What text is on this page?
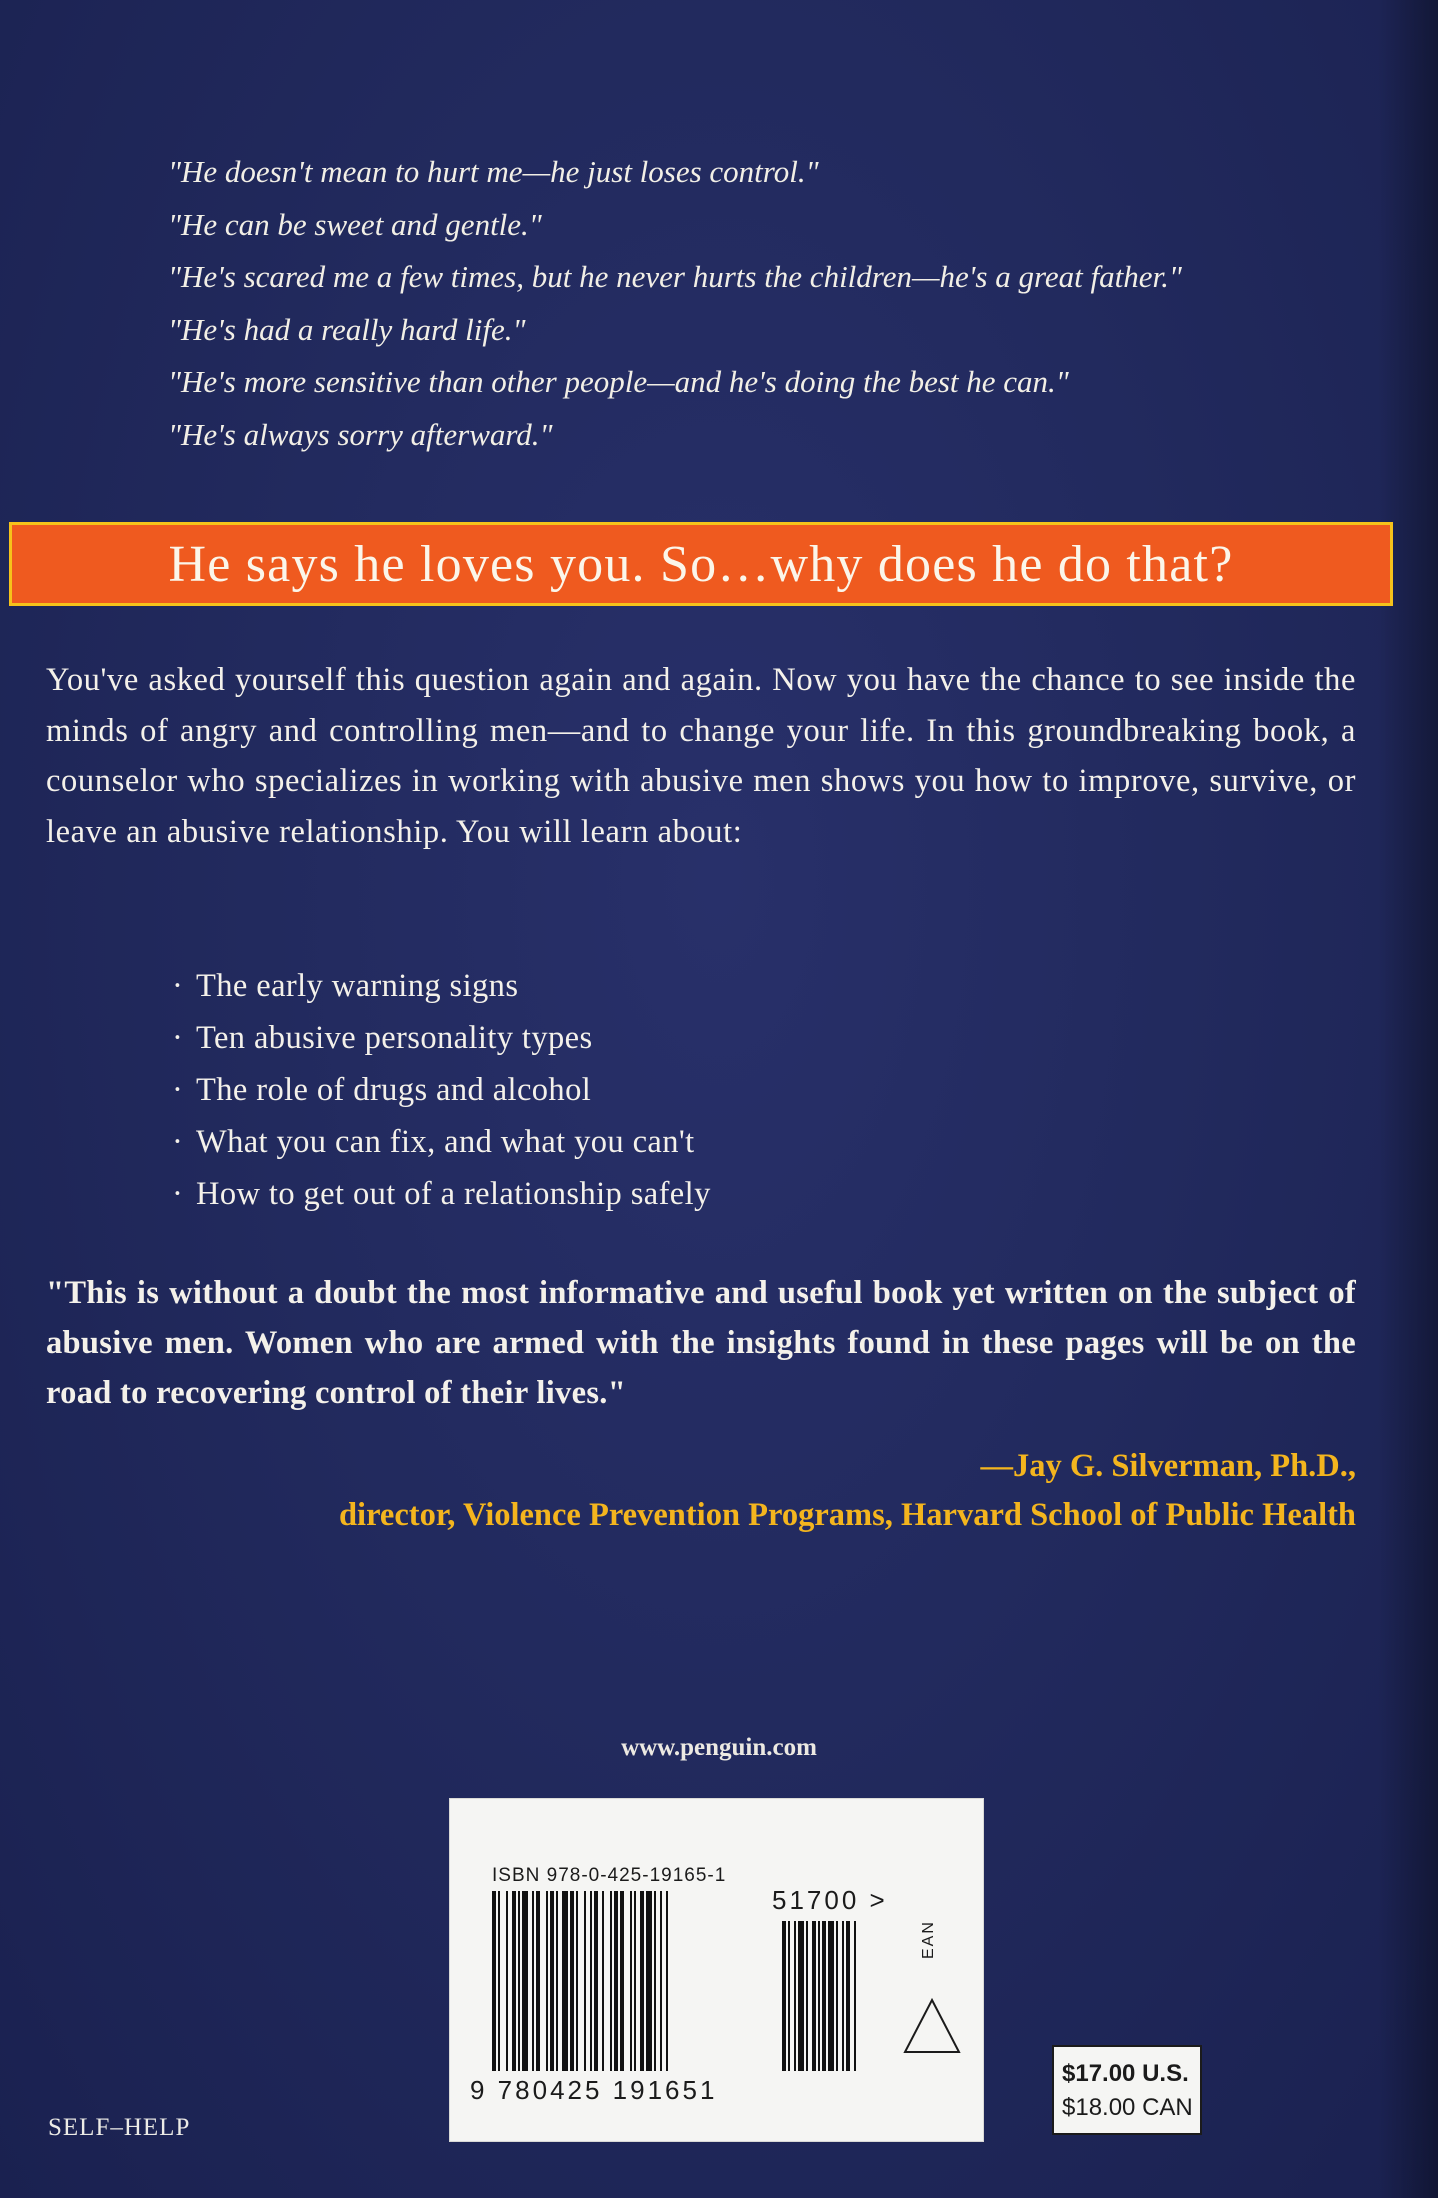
"He doesn't mean to hurt me—he just loses control."
"He can be sweet and gentle."
"He's scared me a few times, but he never hurts the children—he's a great father."
"He's had a really hard life."
"He's more sensitive than other people—and he's doing the best he can."
"He's always sorry afterward."
He says he loves you. So…why does he do that?
You've asked yourself this question again and again. Now you have the chance to see inside the minds of angry and controlling men—and to change your life. In this groundbreaking book, a counselor who specializes in working with abusive men shows you how to improve, survive, or leave an abusive relationship. You will learn about:
· The early warning signs
· Ten abusive personality types
· The role of drugs and alcohol
· What you can fix, and what you can't
· How to get out of a relationship safely
"This is without a doubt the most informative and useful book yet written on the subject of abusive men. Women who are armed with the insights found in these pages will be on the road to recovering control of their lives."
—Jay G. Silverman, Ph.D.,
director, Violence Prevention Programs, Harvard School of Public Health
www.penguin.com
ISBN 978-0-425-19165-1
51700 >
EAN
9 780425 191651
$17.00 U.S.
$18.00 CAN
SELF–HELP
